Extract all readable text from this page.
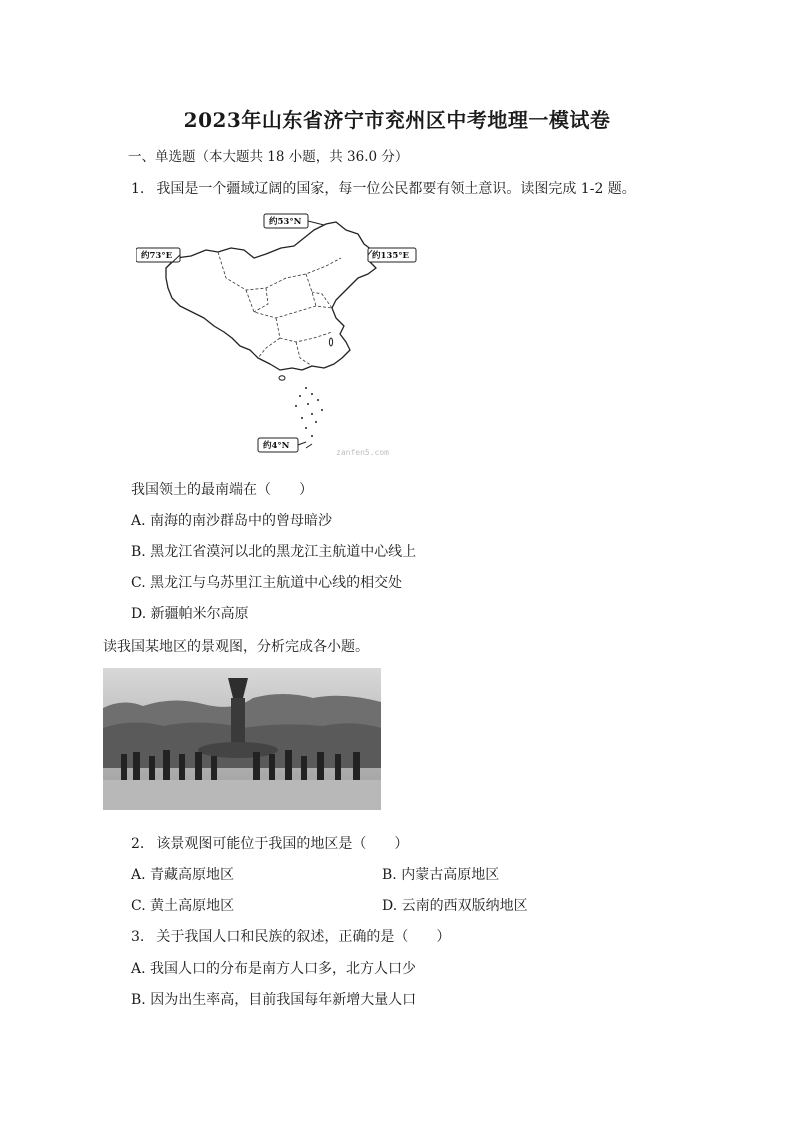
2023年山东省济宁市兖州区中考地理一模试卷
一、单选题（本大题共 18 小题，共 36.0 分）
1. 我国是一个疆域辽阔的国家，每一位公民都要有领土意识。读图完成 1-2 题。
约53°N
约73°E	约135°E
约4°N
zanfen5.com
我国领土的最南端在（　　）
A. 南海的南沙群岛中的曾母暗沙
B. 黑龙江省漠河以北的黑龙江主航道中心线上
C. 黑龙江与乌苏里江主航道中心线的相交处
D. 新疆帕米尔高原
读我国某地区的景观图，分析完成各小题。
2. 该景观图可能位于我国的地区是（　　）
A. 青藏高原地区	B. 内蒙古高原地区
C. 黄土高原地区	D. 云南的西双版纳地区
3. 关于我国人口和民族的叙述，正确的是（　　）
A. 我国人口的分布是南方人口多，北方人口少
B. 因为出生率高，目前我国每年新增大量人口
